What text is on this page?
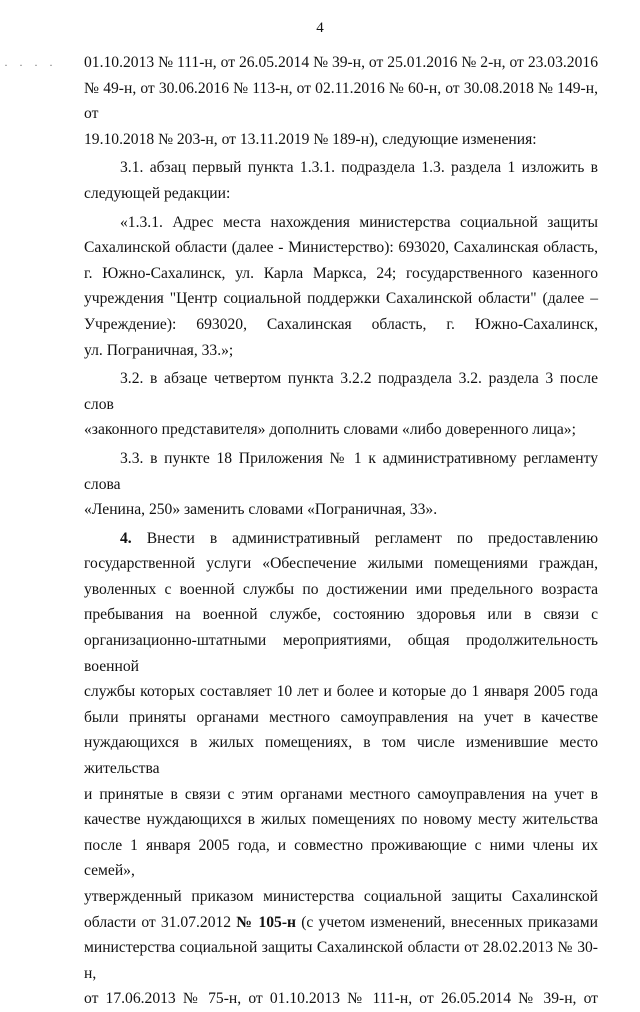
4
· · · · 01.10.2013 № 111-н, от 26.05.2014 № 39-н, от 25.01.2016 № 2-н, от 23.03.2016

№ 49-н, от 30.06.2016 № 113-н, от 02.11.2016 № 60-н, от 30.08.2018 № 149-н, от

19.10.2018 № 203-н, от 13.11.2019 № 189-н), следующие изменения:

3.1. абзац первый пункта 1.3.1. подраздела 1.3. раздела 1 изложить в

следующей редакции:

«1.3.1. Адрес места нахождения министерства социальной защиты

Сахалинской области (далее - Министерство): 693020, Сахалинская область,

г. Южно-Сахалинск, ул. Карла Маркса, 24; государственного казенного

учреждения "Центр социальной поддержки Сахалинской области" (далее –

Учреждение): 693020, Сахалинская область, г. Южно-Сахалинск,

ул. Пограничная, 33.»;

3.2. в абзаце четвертом пункта 3.2.2 подраздела 3.2. раздела 3 после слов

«законного представителя» дополнить словами «либо доверенного лица»;

3.3. в пункте 18 Приложения № 1 к административному регламенту слова

«Ленина, 250» заменить словами «Пограничная, 33».

4. Внести в административный регламент по предоставлению

государственной услуги «Обеспечение жилыми помещениями граждан,

уволенных с военной службы по достижении ими предельного возраста

пребывания на военной службе, состоянию здоровья или в связи с

организационно-штатными мероприятиями, общая продолжительность военной

службы которых составляет 10 лет и более и которые до 1 января 2005 года

были приняты органами местного самоуправления на учет в качестве

нуждающихся в жилых помещениях, в том числе изменившие место жительства

и принятые в связи с этим органами местного самоуправления на учет в

качестве нуждающихся в жилых помещениях по новому месту жительства

после 1 января 2005 года, и совместно проживающие с ними члены их семей»,

утвержденный приказом министерства социальной защиты Сахалинской

области от 31.07.2012 № 105-н (с учетом изменений, внесенных приказами

министерства социальной защиты Сахалинской области от 28.02.2013 № 30-н,

от 17.06.2013 № 75-н, от 01.10.2013 № 111-н, от 26.05.2014 № 39-н, от
